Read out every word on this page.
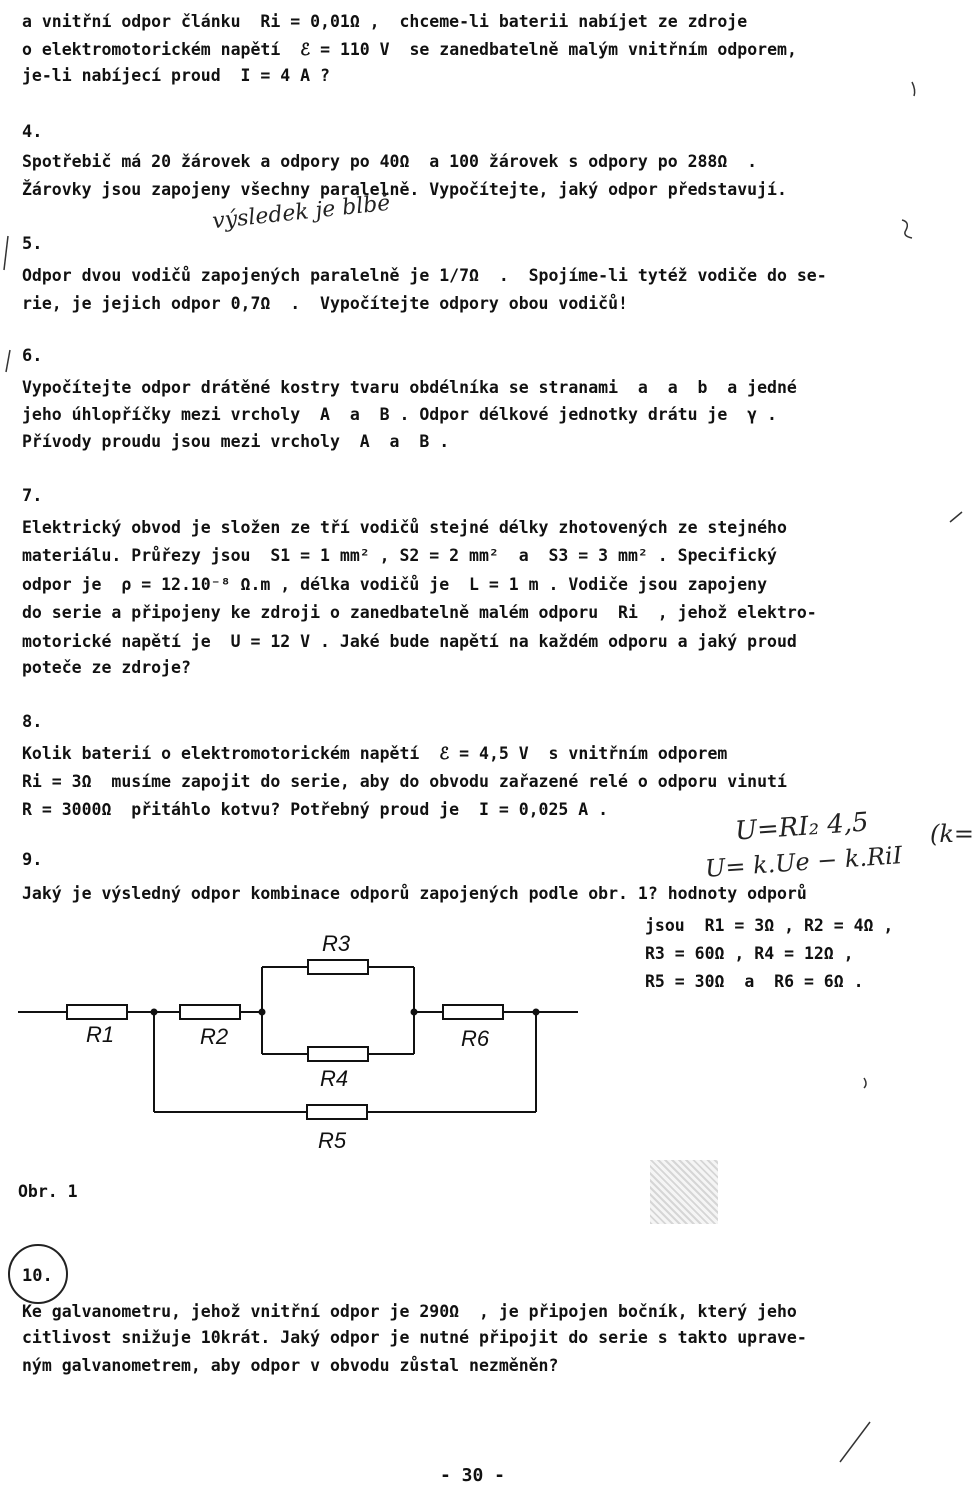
a vnitřní odpor článku  Ri = 0,01Ω ,  chceme-li baterii nabíjet ze zdroje
o elektromotorickém napětí  ℰ = 110 V  se zanedbatelně malým vnitřním odporem,
je-li nabíjecí proud  I = 4 A ?
4.
Spotřebič má 20 žárovek a odpory po 40Ω  a 100 žárovek s odpory po 288Ω  .
Žárovky jsou zapojeny všechny paralelně. Vypočítejte, jaký odpor představují.
výsledek je blbě
5.
Odpor dvou vodičů zapojených paralelně je 1/7Ω  .  Spojíme-li tytéž vodiče do se-
rie, je jejich odpor 0,7Ω  .  Vypočítejte odpory obou vodičů!
6.
Vypočítejte odpor drátěné kostry tvaru obdélníka se stranami  a  a  b  a jedné
jeho úhlopříčky mezi vrcholy  A  a  B . Odpor délkové jednotky drátu je  γ .
Přívody proudu jsou mezi vrcholy  A  a  B .
7.
Elektrický obvod je složen ze tří vodičů stejné délky zhotovených ze stejného
materiálu. Průřezy jsou  S1 = 1 mm² , S2 = 2 mm²  a  S3 = 3 mm² . Specifický
odpor je  ρ = 12.10⁻⁸ Ω.m , délka vodičů je  L = 1 m . Vodiče jsou zapojeny
do serie a připojeny ke zdroji o zanedbatelně malém odporu  Ri  , jehož elektro-
motorické napětí je  U = 12 V . Jaké bude napětí na každém odporu a jaký proud
poteče ze zdroje?
8.
Kolik baterií o elektromotorickém napětí  ℰ = 4,5 V  s vnitřním odporem
Ri = 3Ω  musíme zapojit do serie, aby do obvodu zařazené relé o odporu vinutí
R = 3000Ω  přitáhlo kotvu? Potřebný proud je  I = 0,025 A .	U=RI₂ 4,5
U= k.Ue − k.RiI
(k=
9.
Jaký je výsledný odpor kombinace odporů zapojených podle obr. 1? hodnoty odporů
jsou  R1 = 3Ω , R2 = 4Ω ,
R3 = 60Ω , R4 = 12Ω ,
R5 = 30Ω  a  R6 = 6Ω .
R1	R2
R3
R4
R5
R6
Obr. 1
10.
Ke galvanometru, jehož vnitřní odpor je 290Ω  , je připojen bočník, který jeho
citlivost snižuje 10krát. Jaký odpor je nutné připojit do serie s takto uprave-
ným galvanometrem, aby odpor v obvodu zůstal nezměněn?
- 30 -
